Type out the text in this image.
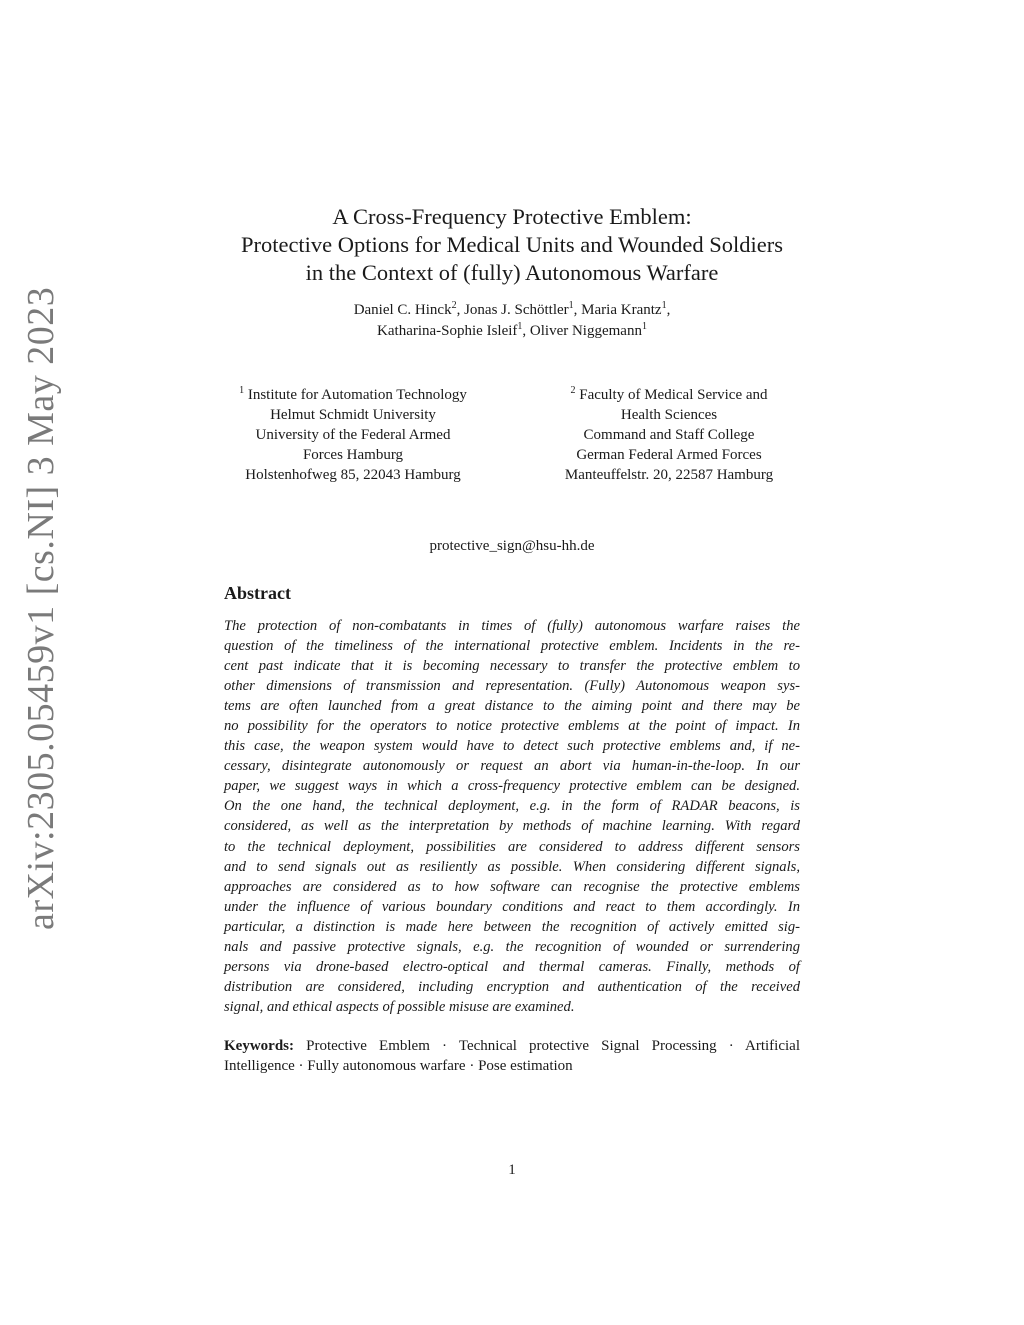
arXiv:2305.05459v1 [cs.NI] 3 May 2023
A Cross-Frequency Protective Emblem:
Protective Options for Medical Units and Wounded Soldiers
in the Context of (fully) Autonomous Warfare
Daniel C. Hinck$^2$, Jonas J. Schöttler$^1$, Maria Krantz$^1$,
Katharina-Sophie Isleif$^1$, Oliver Niggemann$^1$
$^1$ Institute for Automation Technology
Helmut Schmidt University
University of the Federal Armed
Forces Hamburg
Holstenhofweg 85, 22043 Hamburg
$^2$ Faculty of Medical Service and
Health Sciences
Command and Staff College
German Federal Armed Forces
Manteuffelstr. 20, 22587 Hamburg
protective_sign@hsu-hh.de
Abstract
The protection of non-combatants in times of (fully) autonomous warfare raises the
question of the timeliness of the international protective emblem. Incidents in the re-
cent past indicate that it is becoming necessary to transfer the protective emblem to
other dimensions of transmission and representation. (Fully) Autonomous weapon sys-
tems are often launched from a great distance to the aiming point and there may be
no possibility for the operators to notice protective emblems at the point of impact. In
this case, the weapon system would have to detect such protective emblems and, if ne-
cessary, disintegrate autonomously or request an abort via human-in-the-loop. In our
paper, we suggest ways in which a cross-frequency protective emblem can be designed.
On the one hand, the technical deployment, e.g. in the form of RADAR beacons, is
considered, as well as the interpretation by methods of machine learning. With regard
to the technical deployment, possibilities are considered to address different sensors
and to send signals out as resiliently as possible. When considering different signals,
approaches are considered as to how software can recognise the protective emblems
under the influence of various boundary conditions and react to them accordingly. In
particular, a distinction is made here between the recognition of actively emitted sig-
nals and passive protective signals, e.g. the recognition of wounded or surrendering
persons via drone-based electro-optical and thermal cameras. Finally, methods of
distribution are considered, including encryption and authentication of the received
signal, and ethical aspects of possible misuse are examined.
Keywords: Protective Emblem · Technical protective Signal Processing · Artificial
Intelligence · Fully autonomous warfare · Pose estimation
1
